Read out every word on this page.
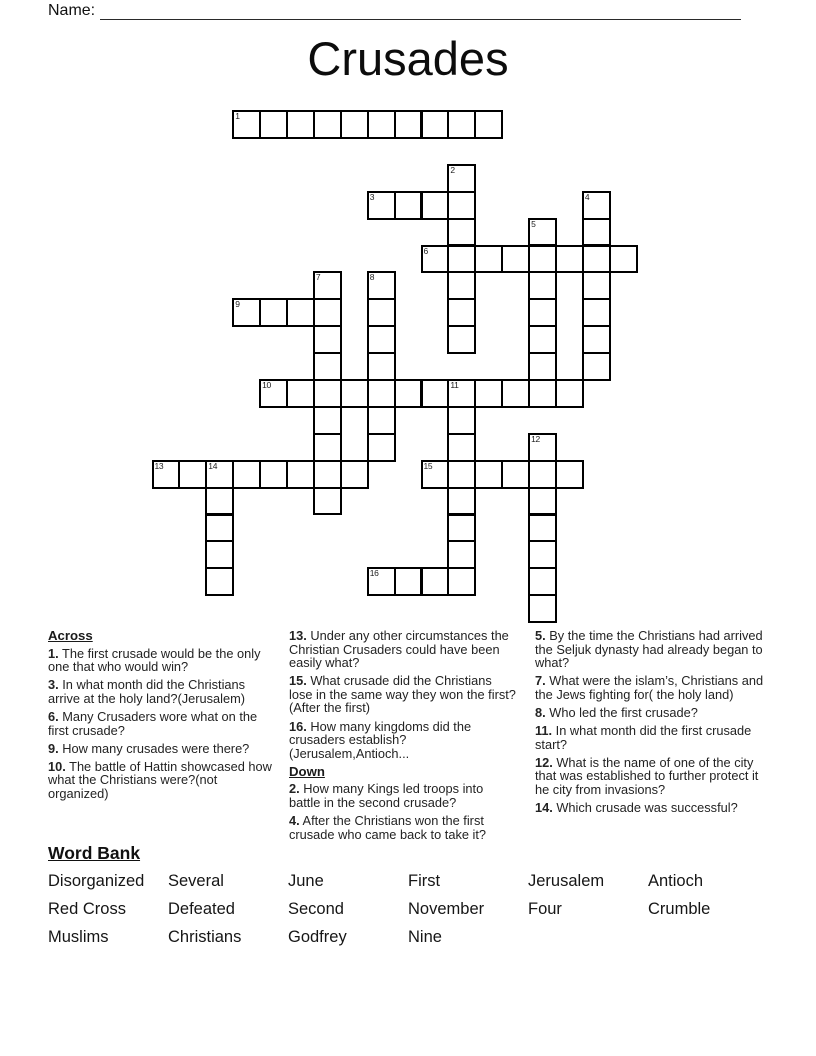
Name:
Crusades
1
2
3	4
5
6
7	8
9
10	11
12
13	14	15
16
Across
1. The first crusade would be the only one that who would win?
3. In what month did the Christians arrive at the holy land?(Jerusalem)
6. Many Crusaders wore what on the first crusade?
9. How many crusades were there?
10. The battle of Hattin showcased how what the Christians were?(not organized)
13. Under any other circumstances the Christian Crusaders could have been easily what?
15. What crusade did the Christians lose in the same way they won the first?(After the first)
16. How many kingdoms did the crusaders establish?(Jerusalem,Antioch...
Down
2. How many Kings led troops into battle in the second crusade?
4. After the Christians won the first crusade who came back to take it?
5. By the time the Christians had arrived the Seljuk dynasty had already began to what?
7. What were the islam’s, Christians and the Jews fighting for( the holy land)
8. Who led the first crusade?
11. In what month did the first crusade start?
12. What is the name of one of the city that was established to further protect it he city from invasions?
14. Which crusade was successful?
Word Bank
Disorganized	Several	June	First	Jerusalem	Antioch
Red Cross	Defeated	Second	November	Four	Crumble
Muslims	Christians	Godfrey	Nine
